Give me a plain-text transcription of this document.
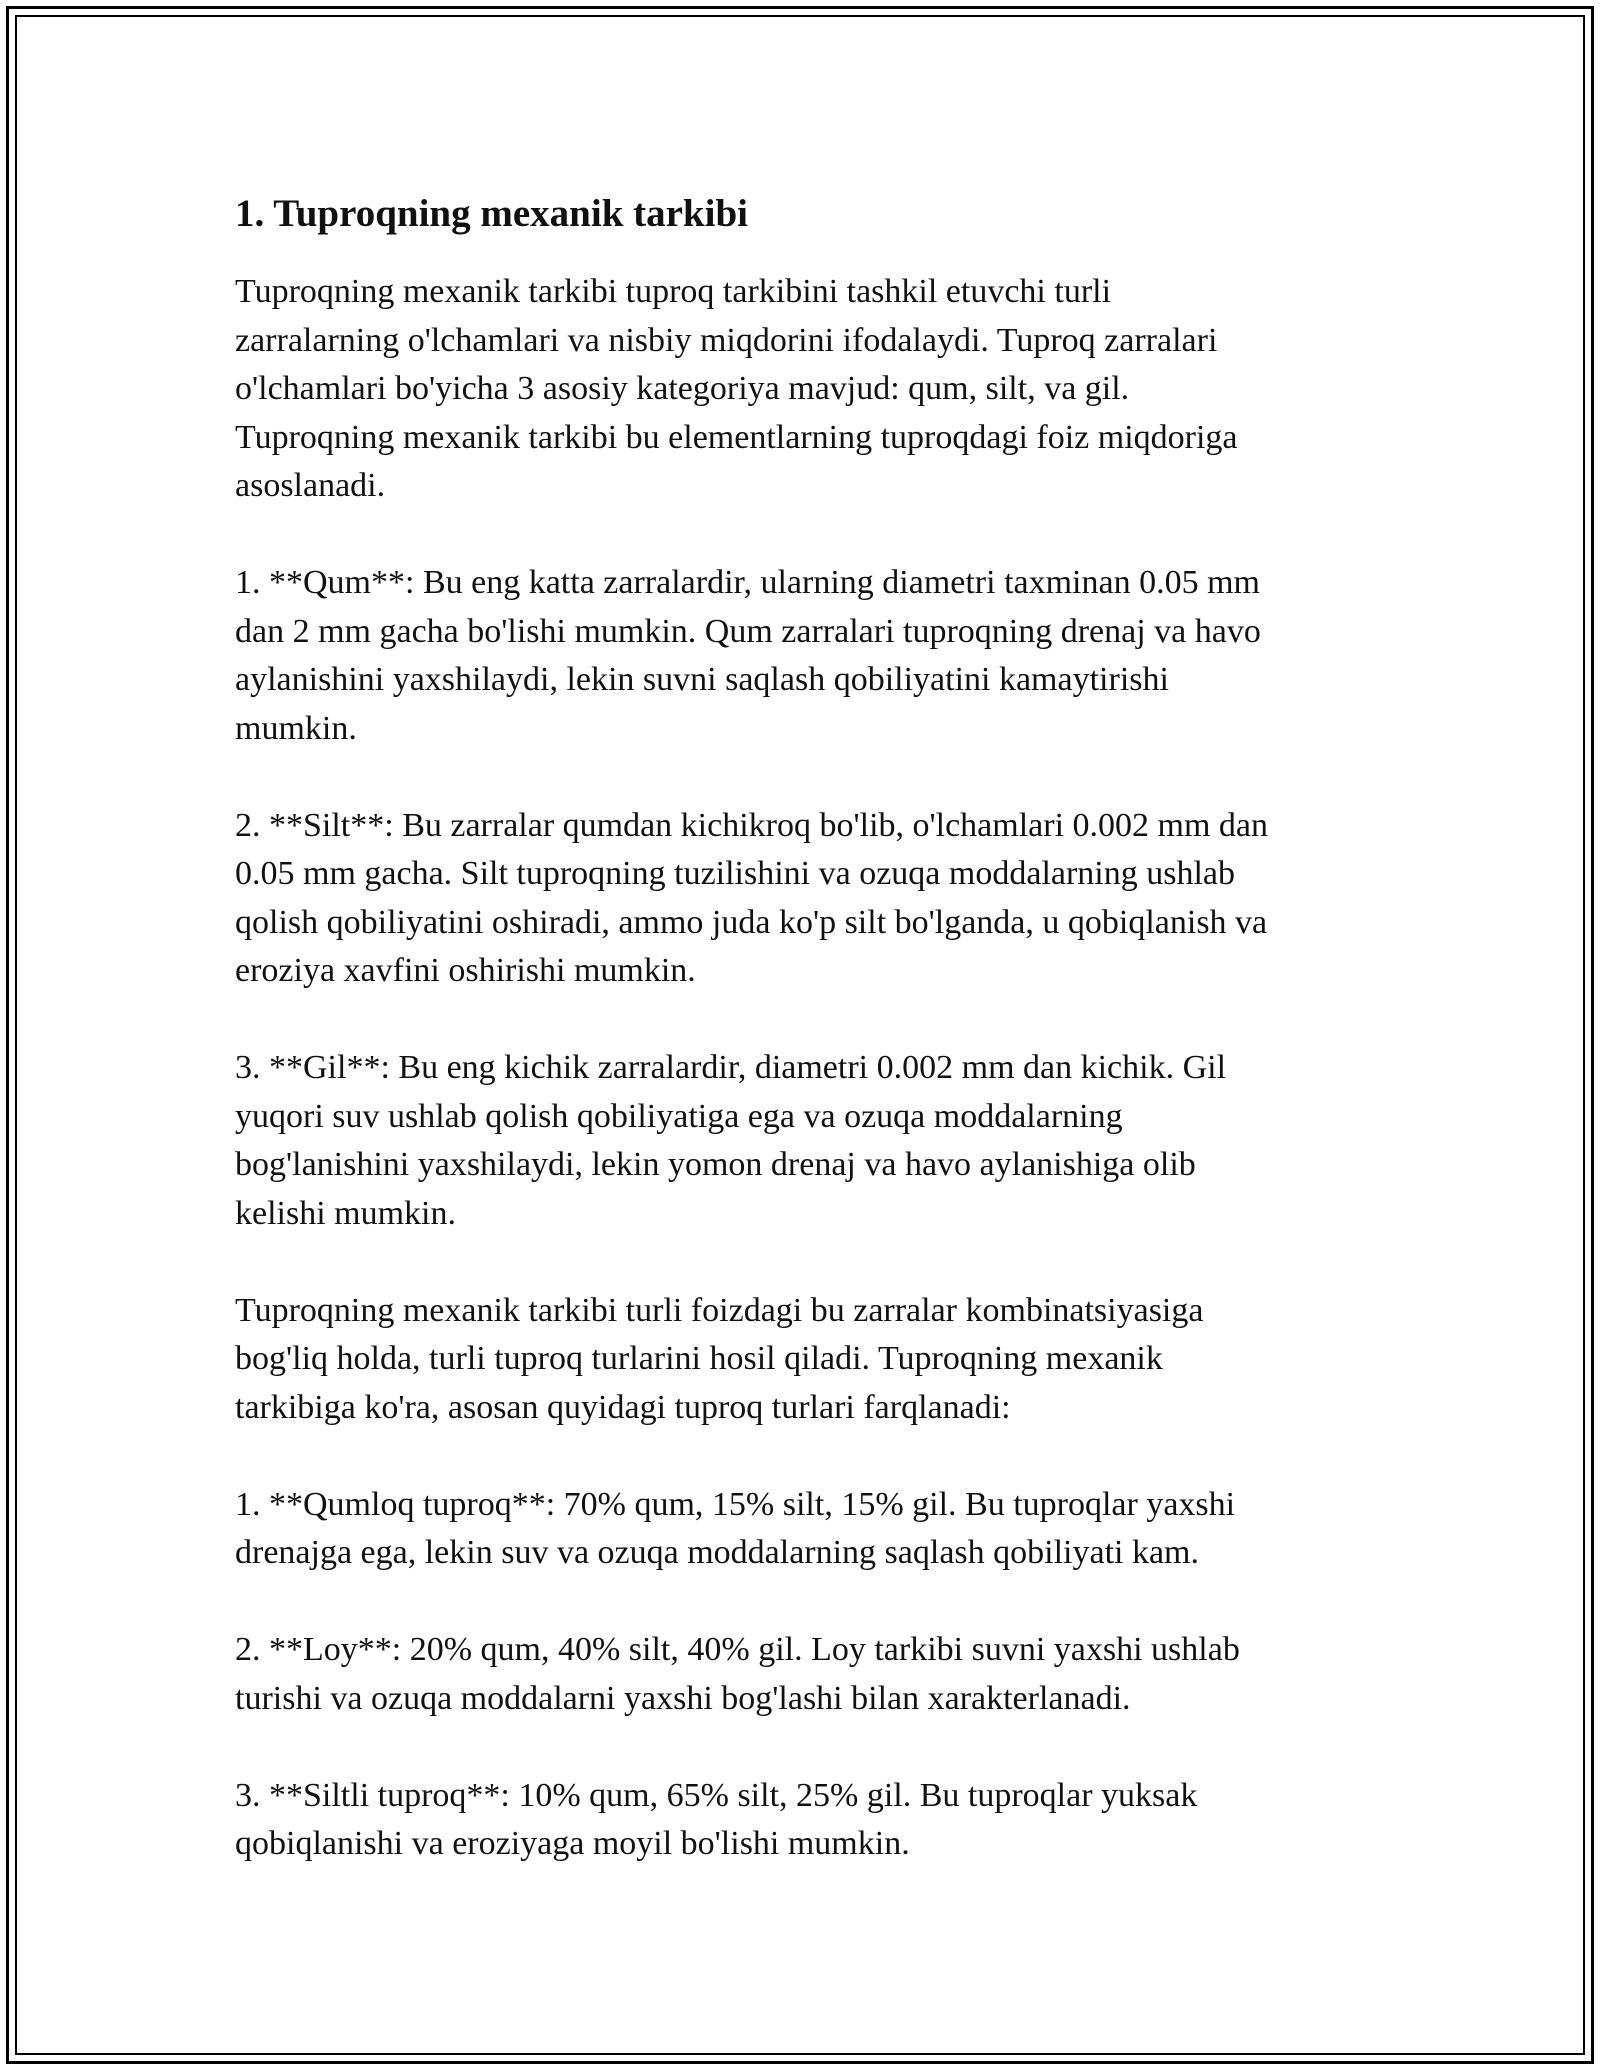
1. Tuproqning mexanik tarkibi

Tuproqning mexanik tarkibi tuproq tarkibini tashkil etuvchi turli
zarralarning o'lchamlari va nisbiy miqdorini ifodalaydi. Tuproq zarralari
o'lchamlari bo'yicha 3 asosiy kategoriya mavjud: qum, silt, va gil.
Tuproqning mexanik tarkibi bu elementlarning tuproqdagi foiz miqdoriga
asoslanadi.

1. **Qum**: Bu eng katta zarralardir, ularning diametri taxminan 0.05 mm
dan 2 mm gacha bo'lishi mumkin. Qum zarralari tuproqning drenaj va havo
aylanishini yaxshilaydi, lekin suvni saqlash qobiliyatini kamaytirishi
mumkin.

2. **Silt**: Bu zarralar qumdan kichikroq bo'lib, o'lchamlari 0.002 mm dan
0.05 mm gacha. Silt tuproqning tuzilishini va ozuqa moddalarning ushlab
qolish qobiliyatini oshiradi, ammo juda ko'p silt bo'lganda, u qobiqlanish va
eroziya xavfini oshirishi mumkin.

3. **Gil**: Bu eng kichik zarralardir, diametri 0.002 mm dan kichik. Gil
yuqori suv ushlab qolish qobiliyatiga ega va ozuqa moddalarning
bog'lanishini yaxshilaydi, lekin yomon drenaj va havo aylanishiga olib
kelishi mumkin.

Tuproqning mexanik tarkibi turli foizdagi bu zarralar kombinatsiyasiga
bog'liq holda, turli tuproq turlarini hosil qiladi. Tuproqning mexanik
tarkibiga ko'ra, asosan quyidagi tuproq turlari farqlanadi:

1. **Qumloq tuproq**: 70% qum, 15% silt, 15% gil. Bu tuproqlar yaxshi
drenajga ega, lekin suv va ozuqa moddalarning saqlash qobiliyati kam.

2. **Loy**: 20% qum, 40% silt, 40% gil. Loy tarkibi suvni yaxshi ushlab
turishi va ozuqa moddalarni yaxshi bog'lashi bilan xarakterlanadi.

3. **Siltli tuproq**: 10% qum, 65% silt, 25% gil. Bu tuproqlar yuksak
qobiqlanishi va eroziyaga moyil bo'lishi mumkin.
